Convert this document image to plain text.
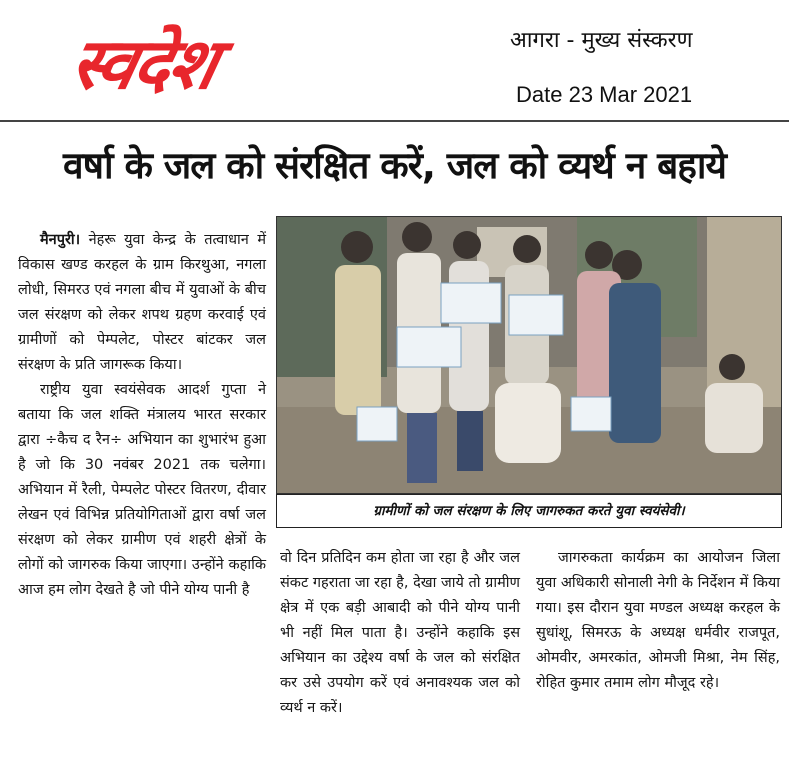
स्वदेश	आगरा - मुख्य संस्करण
Date 23 Mar 2021
वर्षा के जल को संरक्षित करें, जल को व्यर्थ न बहाये

मैनपुरी। नेहरू युवा केन्द्र के तत्वाधान में विकास खण्ड करहल के ग्राम किरथुआ, नगला लोधी, सिमरउ एवं नगला बीच में युवाओं के बीच जल संरक्षण को लेकर शपथ ग्रहण करवाई एवं ग्रामीणों को पेम्पलेट, पोस्टर बांटकर जल संरक्षण के प्रति जागरूक किया।

राष्ट्रीय युवा स्वयंसेवक आदर्श गुप्ता ने बताया कि जल शक्ति मंत्रालय भारत सरकार द्वारा ÷कैच द रैन÷ अभियान का शुभारंभ हुआ है जो कि 30 नवंबर 2021 तक चलेगा। अभियान में रैली, पेम्पलेट पोस्टर वितरण, दीवार लेखन एवं विभिन्न प्रतियोगिताओं द्वारा वर्षा जल संरक्षण को लेकर ग्रामीण एवं शहरी क्षेत्रों के लोगों को जागरुक किया जाएगा। उन्होंने कहाकि आज हम लोग देखते है जो पीने योग्य पानी है

ग्रामीणों को जल संरक्षण के लिए जागरुकत करते युवा स्वयंसेवी।

वो दिन प्रतिदिन कम होता जा रहा है और जल संकट गहराता जा रहा है, देखा जाये तो ग्रामीण क्षेत्र में एक बड़ी आबादी को पीने योग्य पानी भी नहीं मिल पाता है। उन्होंने कहाकि इस अभियान का उद्देश्य वर्षा के जल को संरक्षित कर उसे उपयोग करें एवं अनावश्यक जल को व्यर्थ न करें।

जागरुकता कार्यक्रम का आयोजन जिला युवा अधिकारी सोनाली नेगी के निर्देशन में किया गया। इस दौरान युवा मण्डल अध्यक्ष करहल के सुधांशू, सिमरऊ के अध्यक्ष धर्मवीर राजपूत, ओमवीर, अमरकांत, ओमजी मिश्रा, नेम सिंह, रोहित कुमार तमाम लोग मौजूद रहे।
